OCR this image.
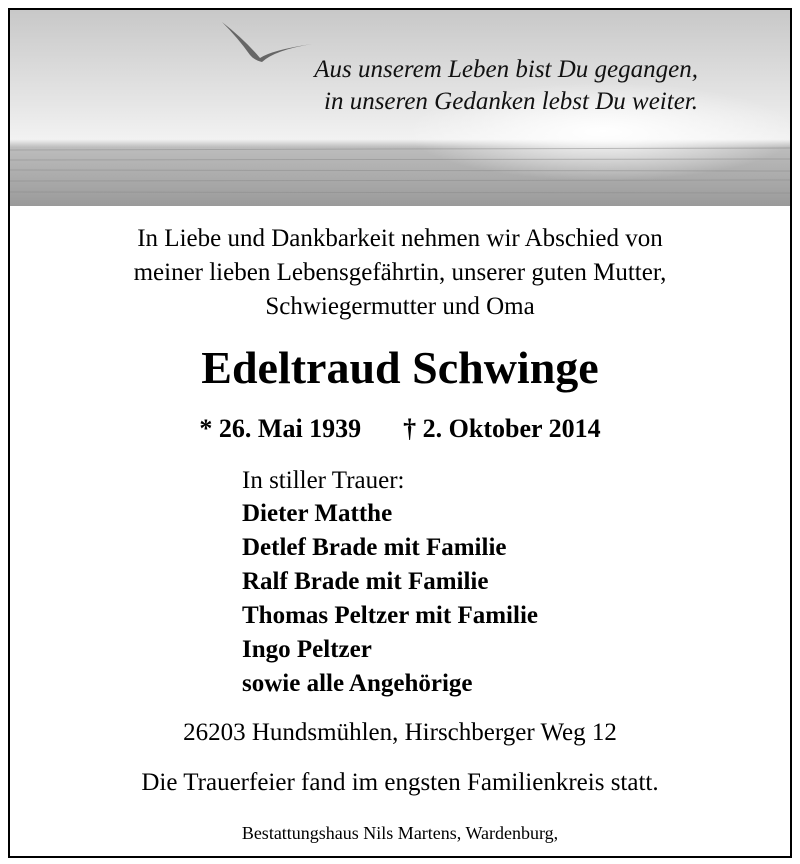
Aus unserem Leben bist Du gegangen,
in unseren Gedanken lebst Du weiter.
In Liebe und Dankbarkeit nehmen wir Abschied von
meiner lieben Lebensgefährtin, unserer guten Mutter,
Schwiegermutter und Oma
Edeltraud Schwinge
* 26. Mai 1939 † 2. Oktober 2014
In stiller Trauer:
Dieter Matthe
Detlef Brade mit Familie
Ralf Brade mit Familie
Thomas Peltzer mit Familie
Ingo Peltzer
sowie alle Angehörige
26203 Hundsmühlen, Hirschberger Weg 12
Die Trauerfeier fand im engsten Familienkreis statt.
Bestattungshaus Nils Martens, Wardenburg,
